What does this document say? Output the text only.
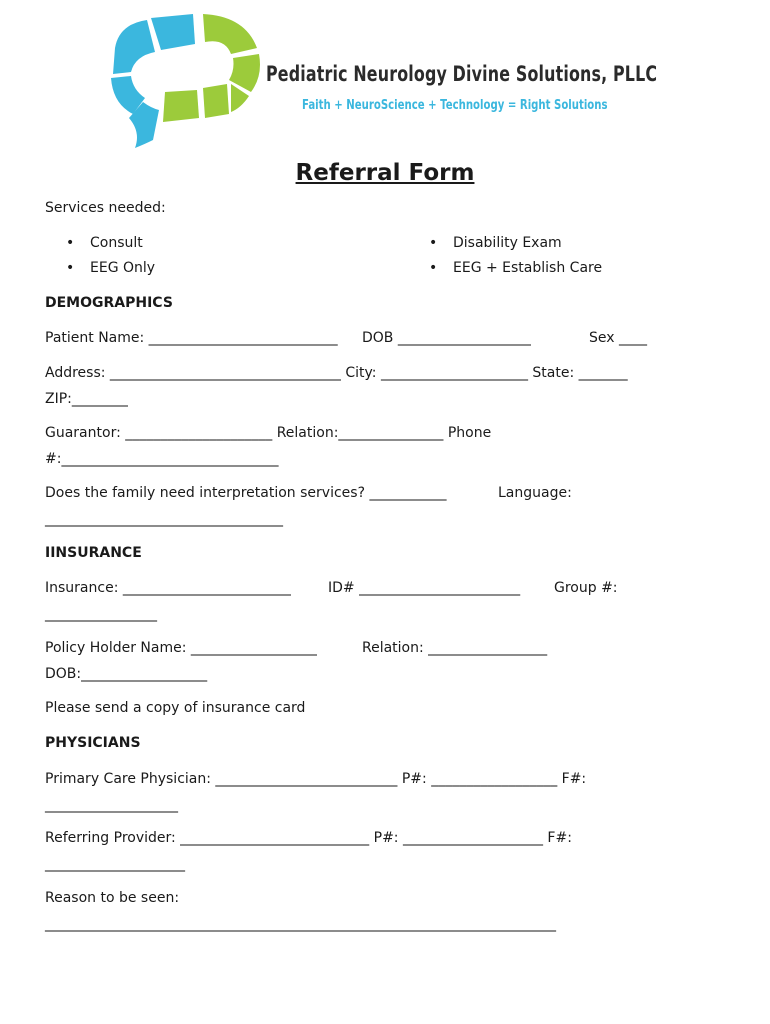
Pediatric Neurology Divine Solutions, PLLC
Faith + NeuroScience + Technology = Right Solutions
Referral Form
Services needed:
• Consult
• EEG Only
• Disability Exam
• EEG + Establish Care
DEMOGRAPHICS
Patient Name: ___________________________ DOB ___________________	Sex ____
Address: _________________________________ City: _____________________ State: _______
ZIP:________
Guarantor: _____________________ Relation:_______________ Phone
#:_______________________________
Does the family need interpretation services? ___________	Language:
__________________________________
IINSURANCE
Insurance: ________________________	ID# _______________________ Group #:
________________
Policy Holder Name: __________________	Relation: _________________
DOB:__________________
Please send a copy of insurance card
PHYSICIANS
Primary Care Physician: __________________________ P#: __________________ F#:
___________________
Referring Provider: ___________________________ P#: ____________________ F#:
____________________
Reason to be seen:
_________________________________________________________________________
